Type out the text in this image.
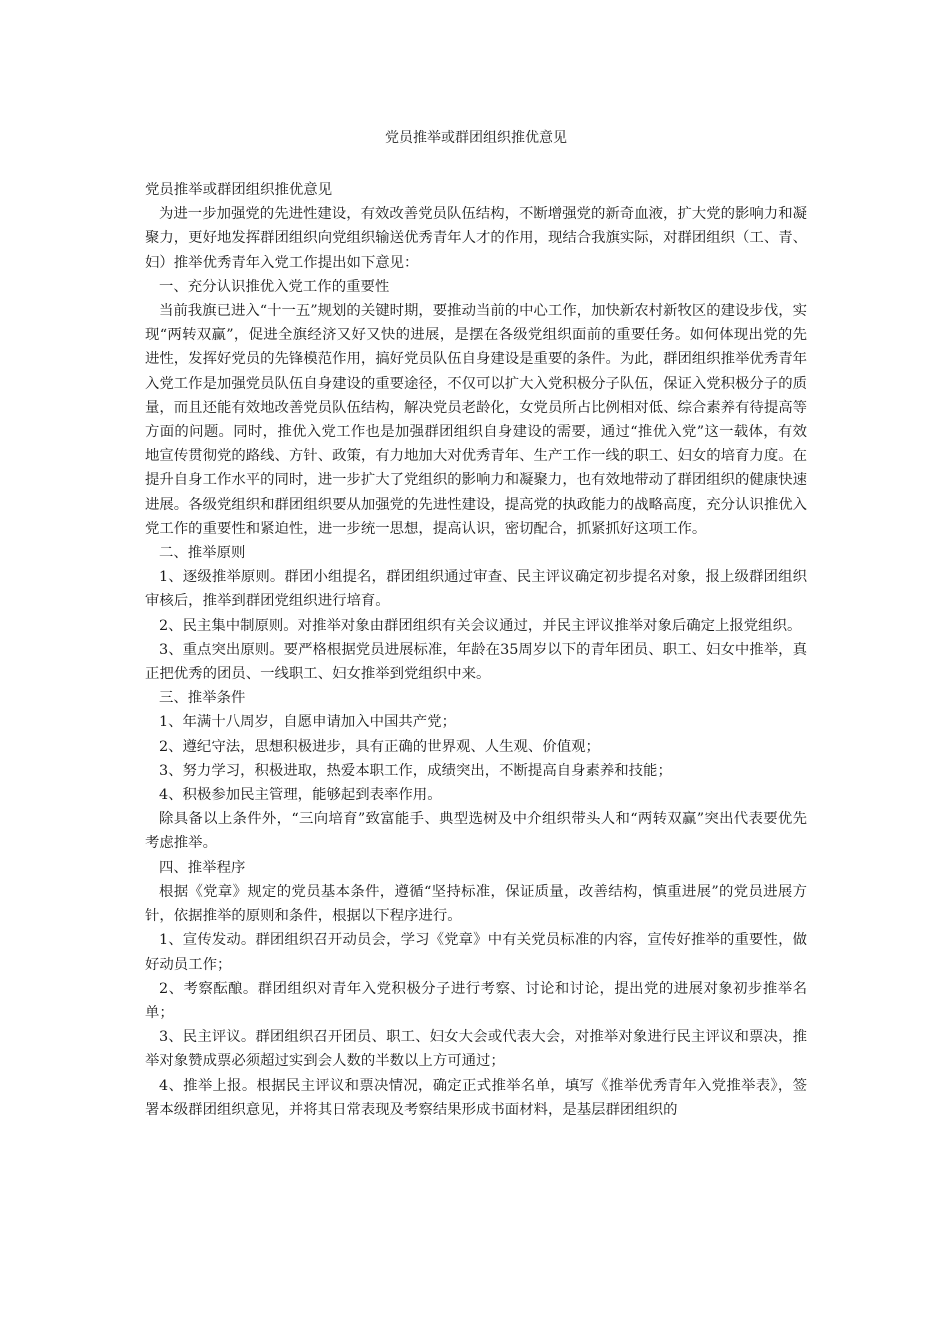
党员推举或群团组织推优意见

党员推举或群团组织推优意见

为进一步加强党的先进性建设，有效改善党员队伍结构，不断增强党的新奇血液，扩大党的影响力和凝聚力，更好地发挥群团组织向党组织输送优秀青年人才的作用，现结合我旗实际，对群团组织（工、青、妇）推举优秀青年入党工作提出如下意见：

一、充分认识推优入党工作的重要性

当前我旗已进入“十一五”规划的关键时期，要推动当前的中心工作，加快新农村新牧区的建设步伐，实现“两转双赢”，促进全旗经济又好又快的进展，是摆在各级党组织面前的重要任务。如何体现出党的先进性，发挥好党员的先锋模范作用，搞好党员队伍自身建设是重要的条件。为此，群团组织推举优秀青年入党工作是加强党员队伍自身建设的重要途径，不仅可以扩大入党积极分子队伍，保证入党积极分子的质量，而且还能有效地改善党员队伍结构，解决党员老龄化，女党员所占比例相对低、综合素养有待提高等方面的问题。同时，推优入党工作也是加强群团组织自身建设的需要，通过“推优入党”这一载体，有效地宣传贯彻党的路线、方针、政策，有力地加大对优秀青年、生产工作一线的职工、妇女的培育力度。在提升自身工作水平的同时，进一步扩大了党组织的影响力和凝聚力，也有效地带动了群团组织的健康快速进展。各级党组织和群团组织要从加强党的先进性建设，提高党的执政能力的战略高度，充分认识推优入党工作的重要性和紧迫性，进一步统一思想，提高认识，密切配合，抓紧抓好这项工作。

二、推举原则

1、逐级推举原则。群团小组提名，群团组织通过审查、民主评议确定初步提名对象，报上级群团组织审核后，推举到群团党组织进行培育。

2、民主集中制原则。对推举对象由群团组织有关会议通过，并民主评议推举对象后确定上报党组织。

3、重点突出原则。要严格根据党员进展标准，年龄在35周岁以下的青年团员、职工、妇女中推举，真正把优秀的团员、一线职工、妇女推举到党组织中来。

三、推举条件

1、年满十八周岁，自愿申请加入中国共产党；

2、遵纪守法，思想积极进步，具有正确的世界观、人生观、价值观；

3、努力学习，积极进取，热爱本职工作，成绩突出，不断提高自身素养和技能；

4、积极参加民主管理，能够起到表率作用。

除具备以上条件外，“三向培育”致富能手、典型选树及中介组织带头人和“两转双赢”突出代表要优先考虑推举。

四、推举程序

根据《党章》规定的党员基本条件，遵循“坚持标准，保证质量，改善结构，慎重进展”的党员进展方针，依据推举的原则和条件，根据以下程序进行。

1、宣传发动。群团组织召开动员会，学习《党章》中有关党员标准的内容，宣传好推举的重要性，做好动员工作；

2、考察酝酿。群团组织对青年入党积极分子进行考察、讨论和讨论，提出党的进展对象初步推举名单；

3、民主评议。群团组织召开团员、职工、妇女大会或代表大会，对推举对象进行民主评议和票决，推举对象赞成票必须超过实到会人数的半数以上方可通过；

4、推举上报。根据民主评议和票决情况，确定正式推举名单，填写《推举优秀青年入党推举表》，签署本级群团组织意见，并将其日常表现及考察结果形成书面材料，是基层群团组织的
